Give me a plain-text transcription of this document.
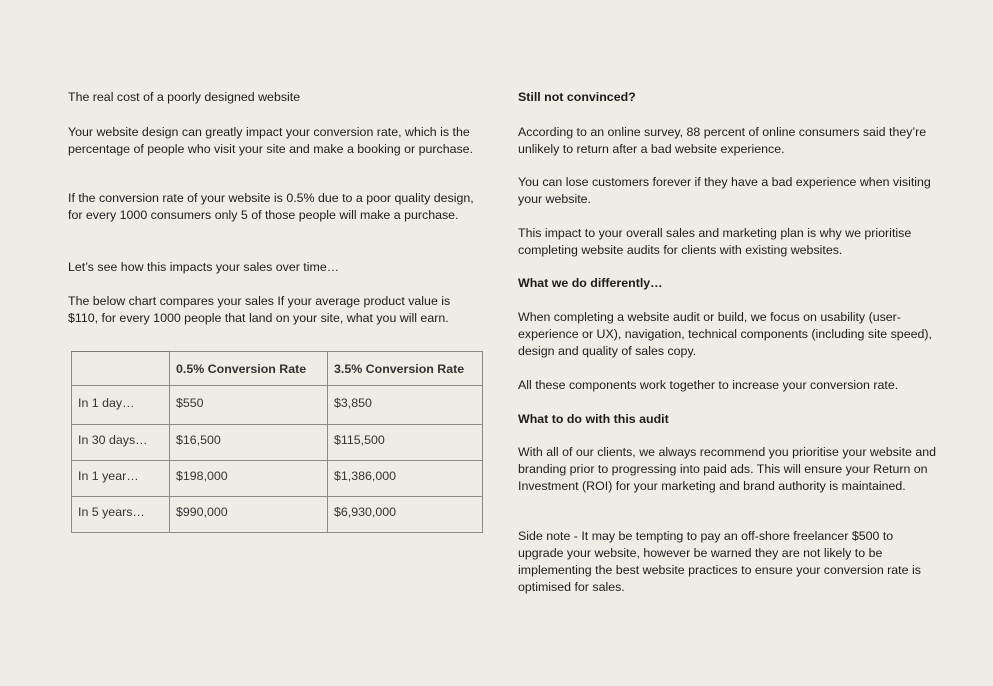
The real cost of a poorly designed website

Your website design can greatly impact your conversion rate, which is the percentage of people who visit your site and make a booking or purchase.

If the conversion rate of your website is 0.5% due to a poor quality design, for every 1000 consumers only 5 of those people will make a purchase.

Let’s see how this impacts your sales over time…

The below chart compares your sales If your average product value is $110, for every 1000 people that land on your site, what you will earn.

	0.5% Conversion Rate	3.5% Conversion Rate
In 1 day…	$550	$3,850
In 30 days…	$16,500	$115,500
In 1 year…	$198,000	$1,386,000
In 5 years…	$990,000	$6,930,000

Still not convinced?

According to an online survey, 88 percent of online consumers said they’re unlikely to return after a bad website experience.

You can lose customers forever if they have a bad experience when visiting your website.

This impact to your overall sales and marketing plan is why we prioritise completing website audits for clients with existing websites.

What we do differently…

When completing a website audit or build, we focus on usability (user-experience or UX), navigation, technical components (including site speed), design and quality of sales copy.

All these components work together to increase your conversion rate.

What to do with this audit

With all of our clients, we always recommend you prioritise your website and branding prior to progressing into paid ads. This will ensure your Return on Investment (ROI) for your marketing and brand authority is maintained.

Side note - It may be tempting to pay an off-shore freelancer $500 to upgrade your website, however be warned they are not likely to be implementing the best website practices to ensure your conversion rate is optimised for sales.
